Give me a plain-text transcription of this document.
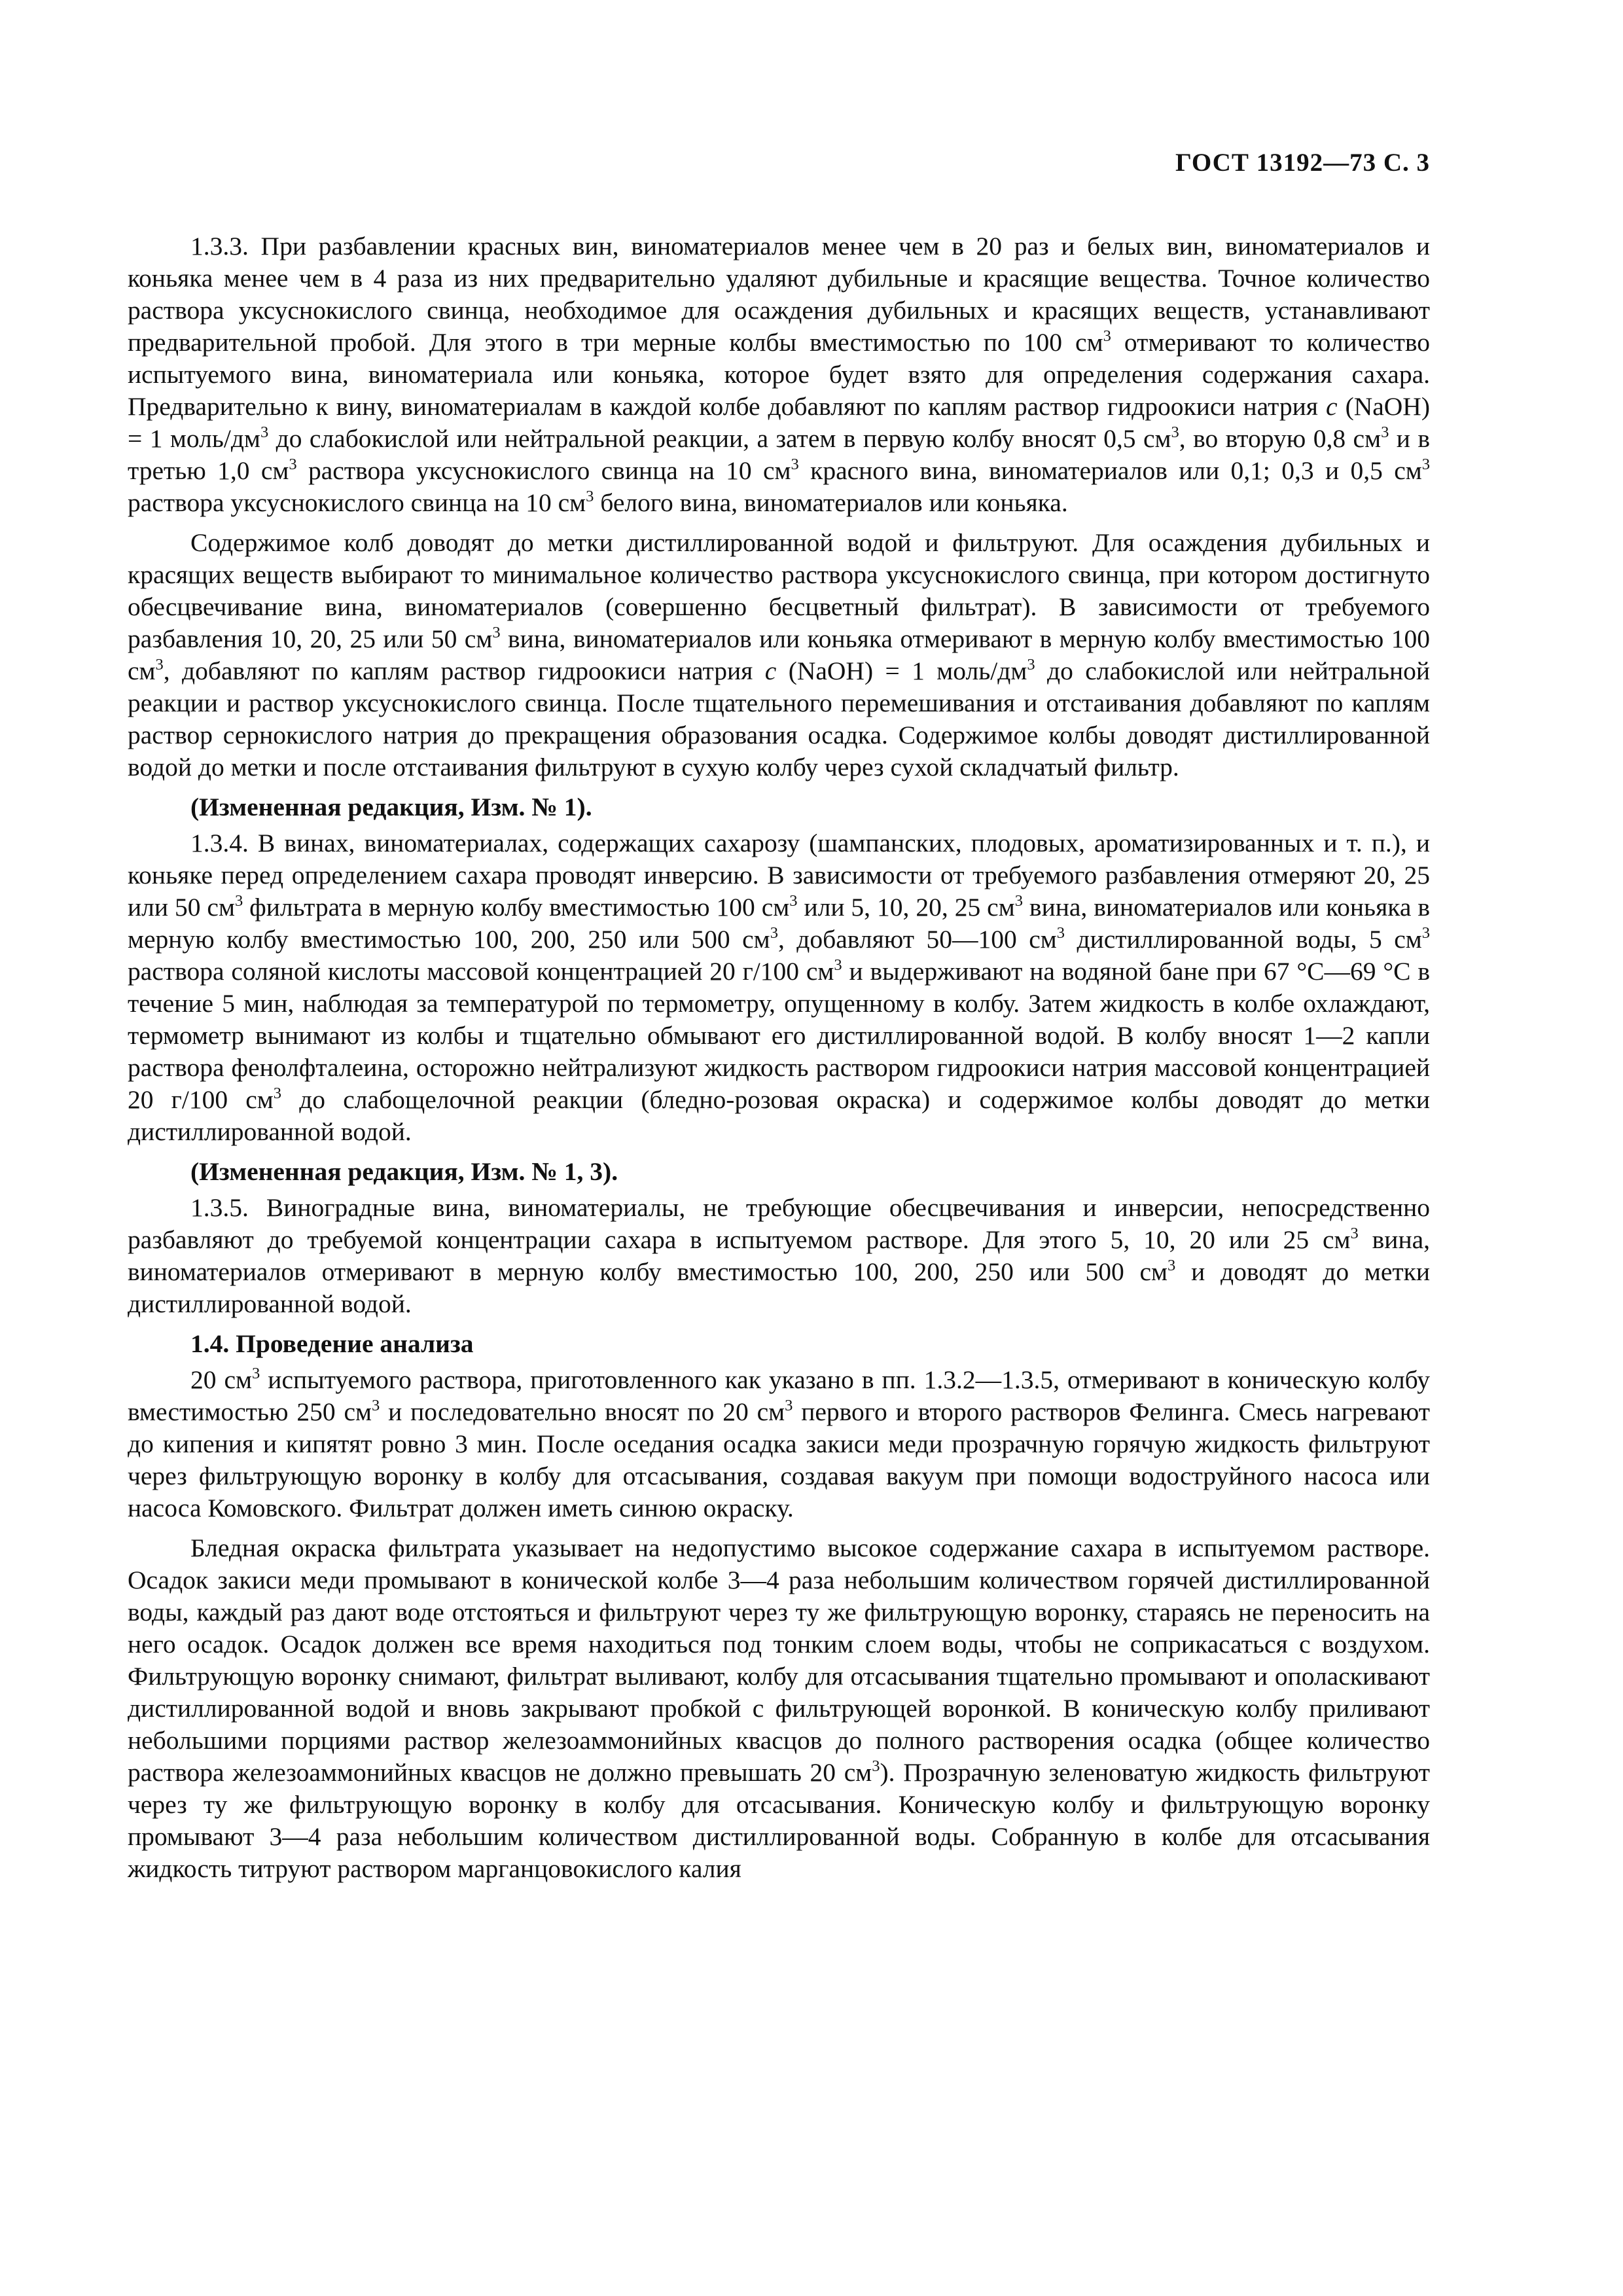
ГОСТ 13192—73 С. 3

1.3.3. При разбавлении красных вин, виноматериалов менее чем в 20 раз и белых вин, виноматериалов и коньяка менее чем в 4 раза из них предварительно удаляют дубильные и красящие вещества. Точное количество раствора уксуснокислого свинца, необходимое для осаждения дубильных и красящих веществ, устанавливают предварительной пробой. Для этого в три мерные колбы вместимостью по 100 $см^3$ отмеривают то количество испытуемого вина, виноматериала или коньяка, которое будет взято для определения содержания сахара. Предварительно к вину, виноматериалам в каждой колбе добавляют по каплям раствор гидроокиси натрия c (NaOH) = 1 моль/$дм^3$ до слабокислой или нейтральной реакции, а затем в первую колбу вносят 0,5 $см^3$, во вторую 0,8 $см^3$ и в третью 1,0 $см^3$ раствора уксуснокислого свинца на 10 $см^3$ красного вина, виноматериалов или 0,1; 0,3 и 0,5 $см^3$ раствора уксуснокислого свинца на 10 $см^3$ белого вина, виноматериалов или коньяка.

Содержимое колб доводят до метки дистиллированной водой и фильтруют. Для осаждения дубильных и красящих веществ выбирают то минимальное количество раствора уксуснокислого свинца, при котором достигнуто обесцвечивание вина, виноматериалов (совершенно бесцветный фильтрат). В зависимости от требуемого разбавления 10, 20, 25 или 50 $см^3$ вина, виноматериалов или коньяка отмеривают в мерную колбу вместимостью 100 $см^3$, добавляют по каплям раствор гидроокиси натрия c (NaOH) = 1 моль/$дм^3$ до слабокислой или нейтральной реакции и раствор уксуснокислого свинца. После тщательного перемешивания и отстаивания добавляют по каплям раствор сернокислого натрия до прекращения образования осадка. Содержимое колбы доводят дистиллированной водой до метки и после отстаивания фильтруют в сухую колбу через сухой складчатый фильтр.

(Измененная редакция, Изм. № 1).

1.3.4. В винах, виноматериалах, содержащих сахарозу (шампанских, плодовых, ароматизированных и т. п.), и коньяке перед определением сахара проводят инверсию. В зависимости от требуемого разбавления отмеряют 20, 25 или 50 $см^3$ фильтрата в мерную колбу вместимостью 100 $см^3$ или 5, 10, 20, 25 $см^3$ вина, виноматериалов или коньяка в мерную колбу вместимостью 100, 200, 250 или 500 $см^3$, добавляют 50—100 $см^3$ дистиллированной воды, 5 $см^3$ раствора соляной кислоты массовой концентрацией 20 г/100 $см^3$ и выдерживают на водяной бане при 67 °С—69 °С в течение 5 мин, наблюдая за температурой по термометру, опущенному в колбу. Затем жидкость в колбе охлаждают, термометр вынимают из колбы и тщательно обмывают его дистиллированной водой. В колбу вносят 1—2 капли раствора фенолфталеина, осторожно нейтрализуют жидкость раствором гидроокиси натрия массовой концентрацией 20 г/100 $см^3$ до слабощелочной реакции (бледно-розовая окраска) и содержимое колбы доводят до метки дистиллированной водой.

(Измененная редакция, Изм. № 1, 3).

1.3.5. Виноградные вина, виноматериалы, не требующие обесцвечивания и инверсии, непосредственно разбавляют до требуемой концентрации сахара в испытуемом растворе. Для этого 5, 10, 20 или 25 $см^3$ вина, виноматериалов отмеривают в мерную колбу вместимостью 100, 200, 250 или 500 $см^3$ и доводят до метки дистиллированной водой.

1.4. Проведение анализа

20 $см^3$ испытуемого раствора, приготовленного как указано в пп. 1.3.2—1.3.5, отмеривают в коническую колбу вместимостью 250 $см^3$ и последовательно вносят по 20 $см^3$ первого и второго растворов Фелинга. Смесь нагревают до кипения и кипятят ровно 3 мин. После оседания осадка закиси меди прозрачную горячую жидкость фильтруют через фильтрующую воронку в колбу для отсасывания, создавая вакуум при помощи водоструйного насоса или насоса Комовского. Фильтрат должен иметь синюю окраску.

Бледная окраска фильтрата указывает на недопустимо высокое содержание сахара в испытуемом растворе. Осадок закиси меди промывают в конической колбе 3—4 раза небольшим количеством горячей дистиллированной воды, каждый раз дают воде отстояться и фильтруют через ту же фильтрующую воронку, стараясь не переносить на него осадок. Осадок должен все время находиться под тонким слоем воды, чтобы не соприкасаться с воздухом. Фильтрующую воронку снимают, фильтрат выливают, колбу для отсасывания тщательно промывают и ополаскивают дистиллированной водой и вновь закрывают пробкой с фильтрующей воронкой. В коническую колбу приливают небольшими порциями раствор железоаммонийных квасцов до полного растворения осадка (общее количество раствора железоаммонийных квасцов не должно превышать 20 $см^3$). Прозрачную зеленоватую жидкость фильтруют через ту же фильтрующую воронку в колбу для отсасывания. Коническую колбу и фильтрующую воронку промывают 3—4 раза небольшим количеством дистиллированной воды. Собранную в колбе для отсасывания жидкость титруют раствором марганцовокислого калия
